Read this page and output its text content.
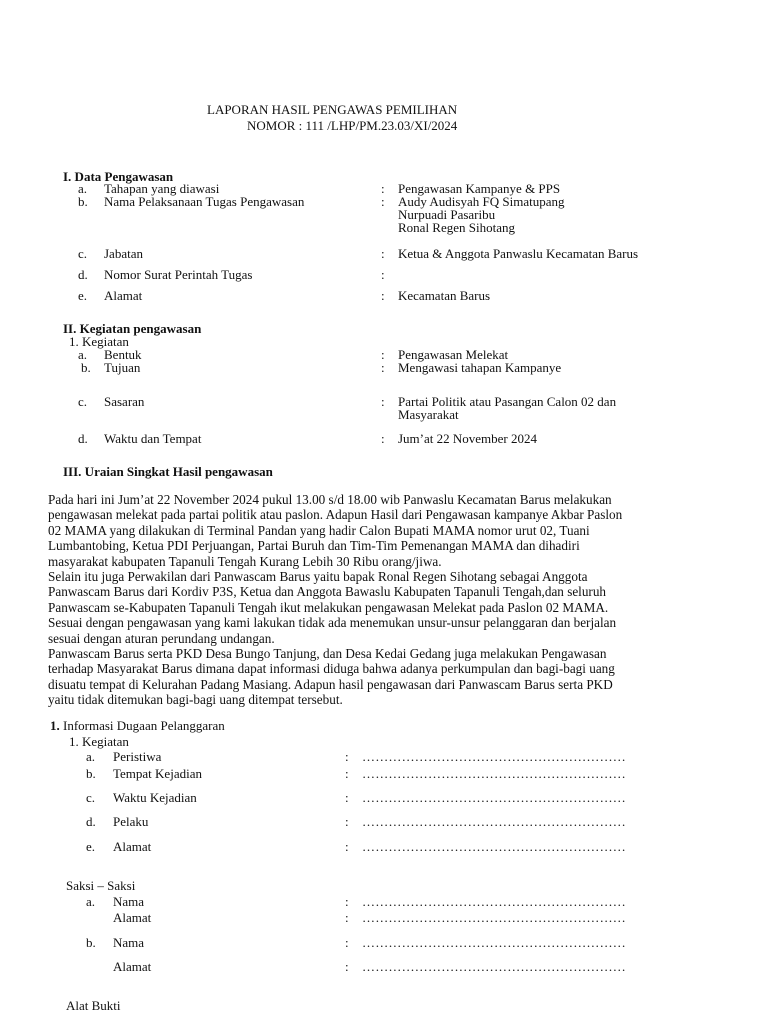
LAPORAN HASIL PENGAWAS PEMILIHAN
NOMOR : 111 /LHP/PM.23.03/XI/2024
I. Data Pengawasan
a. Tahapan yang diawasi	: Pengawasan Kampanye & PPS
b. Nama Pelaksanaan Tugas Pengawasan	: Audy Audisyah FQ Simatupang
Nurpuadi Pasaribu
Ronal Regen Sihotang
c. Jabatan	: Ketua & Anggota Panwaslu Kecamatan Barus
d. Nomor Surat Perintah Tugas	:
e. Alamat	: Kecamatan Barus
II. Kegiatan pengawasan
1. Kegiatan
a. Bentuk	: Pengawasan Melekat
b. Tujuan	: Mengawasi tahapan Kampanye
c. Sasaran	: Partai Politik atau Pasangan Calon 02 dan
Masyarakat
d. Waktu dan Tempat	: Jum’at 22 November 2024
III. Uraian Singkat Hasil pengawasan
Pada hari ini Jum’at 22 November 2024 pukul 13.00 s/d 18.00 wib Panwaslu Kecamatan Barus melakukan
pengawasan melekat pada partai politik atau paslon. Adapun Hasil dari Pengawasan kampanye Akbar Paslon
02 MAMA yang dilakukan di Terminal Pandan yang hadir Calon Bupati MAMA nomor urut 02, Tuani
Lumbantobing, Ketua PDI Perjuangan, Partai Buruh dan Tim-Tim Pemenangan MAMA dan dihadiri
masyarakat kabupaten Tapanuli Tengah Kurang Lebih 30 Ribu orang/jiwa.
Selain itu juga Perwakilan dari Panwascam Barus yaitu bapak Ronal Regen Sihotang sebagai Anggota
Panwascam Barus dari Kordiv P3S, Ketua dan Anggota Bawaslu Kabupaten Tapanuli Tengah,dan seluruh
Panwascam se-Kabupaten Tapanuli Tengah ikut melakukan pengawasan Melekat pada Paslon 02 MAMA.
Sesuai dengan pengawasan yang kami lakukan tidak ada menemukan unsur-unsur pelanggaran dan berjalan
sesuai dengan aturan perundang undangan.
Panwascam Barus serta PKD Desa Bungo Tanjung, dan Desa Kedai Gedang juga melakukan Pengawasan
terhadap Masyarakat Barus dimana dapat informasi diduga bahwa adanya perkumpulan dan bagi-bagi uang
disuatu tempat di Kelurahan Padang Masiang. Adapun hasil pengawasan dari Panwascam Barus serta PKD
yaitu tidak ditemukan bagi-bagi uang ditempat tersebut.
1. Informasi Dugaan Pelanggaran
1. Kegiatan
a. Peristiwa	: ……………………………………………………
b. Tempat Kejadian	: ……………………………………………………
c. Waktu Kejadian	: ……………………………………………………
d. Pelaku	: ……………………………………………………
e. Alamat	: ……………………………………………………
Saksi – Saksi
a. Nama	: ……………………………………………………
Alamat	: ……………………………………………………
b. Nama	: ……………………………………………………
Alamat	: ……………………………………………………
Alat Bukti
